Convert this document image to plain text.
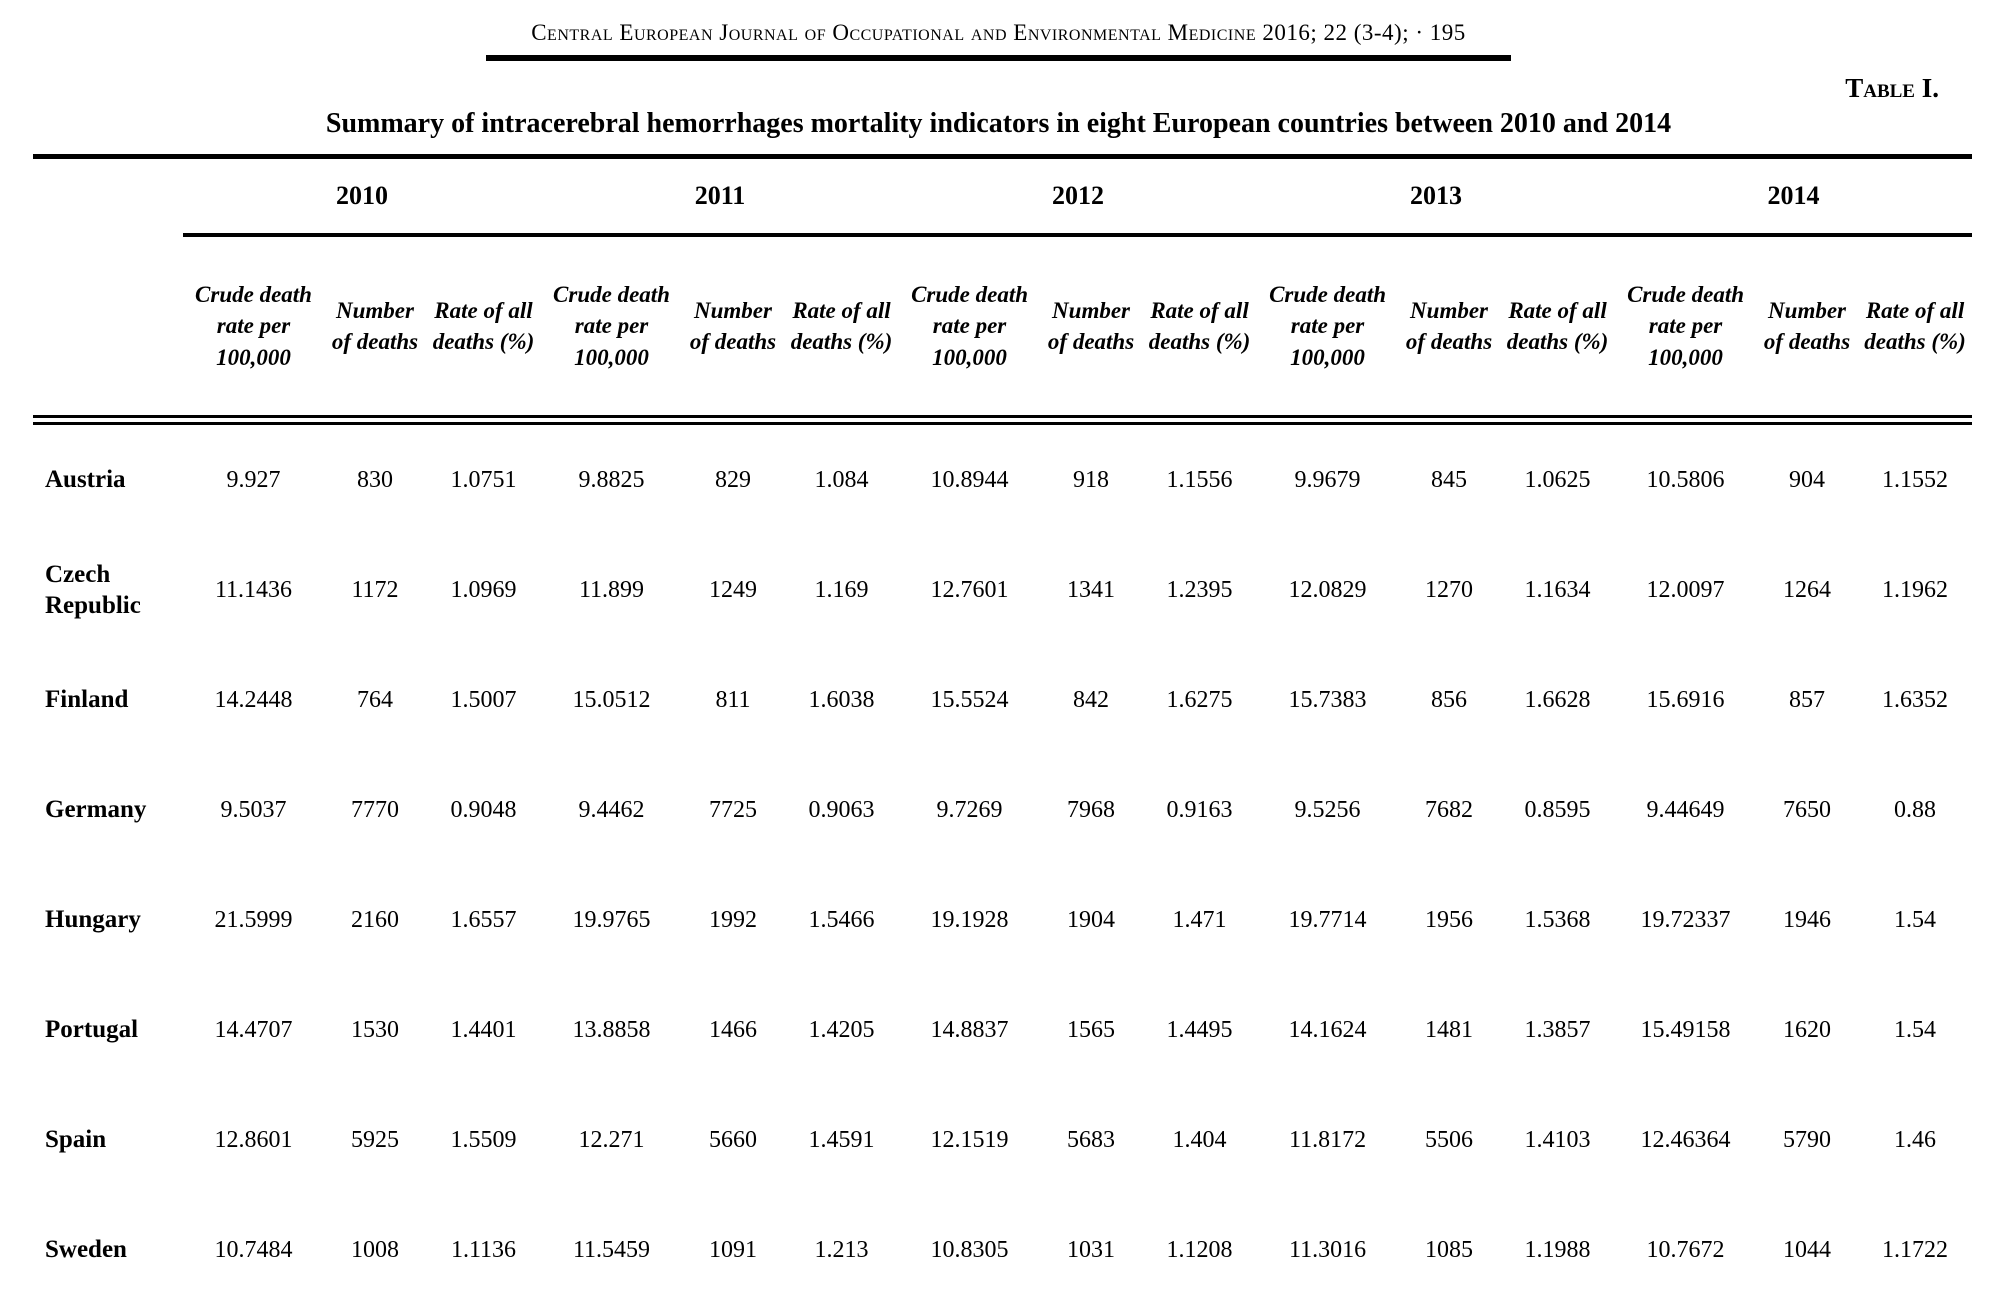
Central European Journal of Occupational and Environmental Medicine 2016; 22 (3-4); · 195
Table I.
Summary of intracerebral hemorrhages mortality indicators in eight European countries between 2010 and 2014
	2010			2011			2012			2013			2014		
	Crude death rate per 100,000	Number of deaths	Rate of all deaths (%)	Crude death rate per 100,000	Number of deaths	Rate of all deaths (%)	Crude death rate per 100,000	Number of deaths	Rate of all deaths (%)	Crude death rate per 100,000	Number of deaths	Rate of all deaths (%)	Crude death rate per 100,000	Number of deaths	Rate of all deaths (%)
Austria	9.927	830	1.0751	9.8825	829	1.084	10.8944	918	1.1556	9.9679	845	1.0625	10.5806	904	1.1552
Czech Republic	11.1436	1172	1.0969	11.899	1249	1.169	12.7601	1341	1.2395	12.0829	1270	1.1634	12.0097	1264	1.1962
Finland	14.2448	764	1.5007	15.0512	811	1.6038	15.5524	842	1.6275	15.7383	856	1.6628	15.6916	857	1.6352
Germany	9.5037	7770	0.9048	9.4462	7725	0.9063	9.7269	7968	0.9163	9.5256	7682	0.8595	9.44649	7650	0.88
Hungary	21.5999	2160	1.6557	19.9765	1992	1.5466	19.1928	1904	1.471	19.7714	1956	1.5368	19.72337	1946	1.54
Portugal	14.4707	1530	1.4401	13.8858	1466	1.4205	14.8837	1565	1.4495	14.1624	1481	1.3857	15.49158	1620	1.54
Spain	12.8601	5925	1.5509	12.271	5660	1.4591	12.1519	5683	1.404	11.8172	5506	1.4103	12.46364	5790	1.46
Sweden	10.7484	1008	1.1136	11.5459	1091	1.213	10.8305	1031	1.1208	11.3016	1085	1.1988	10.7672	1044	1.1722
